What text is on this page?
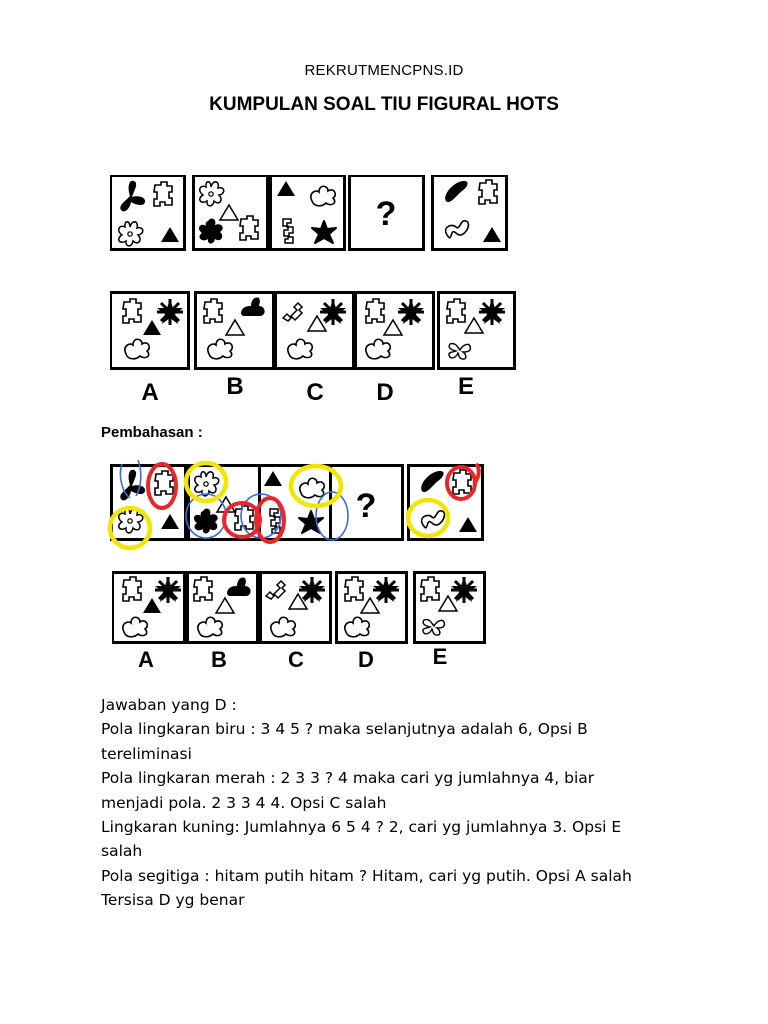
REKRUTMENCPNS.ID
KUMPULAN SOAL TIU FIGURAL HOTS
?
A	B	C D	E
Pembahasan :
?
A	B	C D	E

Jawaban yang D :

Pola lingkaran biru : 3 4 5 ? maka selanjutnya adalah 6, Opsi B tereliminasi

Pola lingkaran merah : 2 3 3 ? 4 maka cari yg jumlahnya 4, biar menjadi pola. 2 3 3 4 4. Opsi C salah

Lingkaran kuning: Jumlahnya 6 5 4 ? 2, cari yg jumlahnya 3. Opsi E salah

Pola segitiga : hitam putih hitam ? Hitam, cari yg putih. Opsi A salah

Tersisa D yg benar
